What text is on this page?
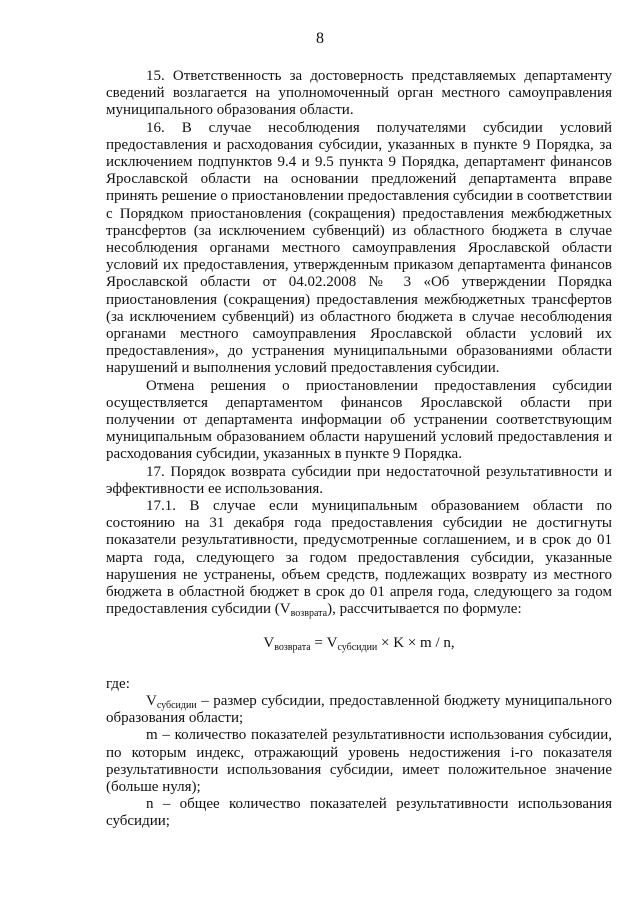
8

15. Ответственность за достоверность представляемых департаменту сведений возлагается на уполномоченный орган местного самоуправления муниципального образования области.

16. В случае несоблюдения получателями субсидии условий предоставления и расходования субсидии, указанных в пункте 9 Порядка, за исключением подпунктов 9.4 и 9.5 пункта 9 Порядка, департамент финансов Ярославской области на основании предложений департамента вправе принять решение о приостановлении предоставления субсидии в соответствии с Порядком приостановления (сокращения) предоставления межбюджетных трансфертов (за исключением субвенций) из областного бюджета в случае несоблюдения органами местного самоуправления Ярославской области условий их предоставления, утвержденным приказом департамента финансов Ярославской области от 04.02.2008 № 3 «Об утверждении Порядка приостановления (сокращения) предоставления межбюджетных трансфертов (за исключением субвенций) из областного бюджета в случае несоблюдения органами местного самоуправления Ярославской области условий их предоставления», до устранения муниципальными образованиями области нарушений и выполнения условий предоставления субсидии.

Отмена решения о приостановлении предоставления субсидии осуществляется департаментом финансов Ярославской области при получении от департамента информации об устранении соответствующим муниципальным образованием области нарушений условий предоставления и расходования субсидии, указанных в пункте 9 Порядка.

17. Порядок возврата субсидии при недостаточной результативности и эффективности ее использования.

17.1. В случае если муниципальным образованием области по состоянию на 31 декабря года предоставления субсидии не достигнуты показатели результативности, предусмотренные соглашением, и в срок до 01 марта года, следующего за годом предоставления субсидии, указанные нарушения не устранены, объем средств, подлежащих возврату из местного бюджета в областной бюджет в срок до 01 апреля года, следующего за годом предоставления субсидии $(V_{возврата})$, рассчитывается по формуле:

$V_{возврата} = V_{субсидии} \times K \times m / n$,

где:

$V_{субсидии}$ – размер субсидии, предоставленной бюджету муниципального образования области;

m – количество показателей результативности использования субсидии, по которым индекс, отражающий уровень недостижения i-го показателя результативности использования субсидии, имеет положительное значение (больше нуля);

n – общее количество показателей результативности использования субсидии;
